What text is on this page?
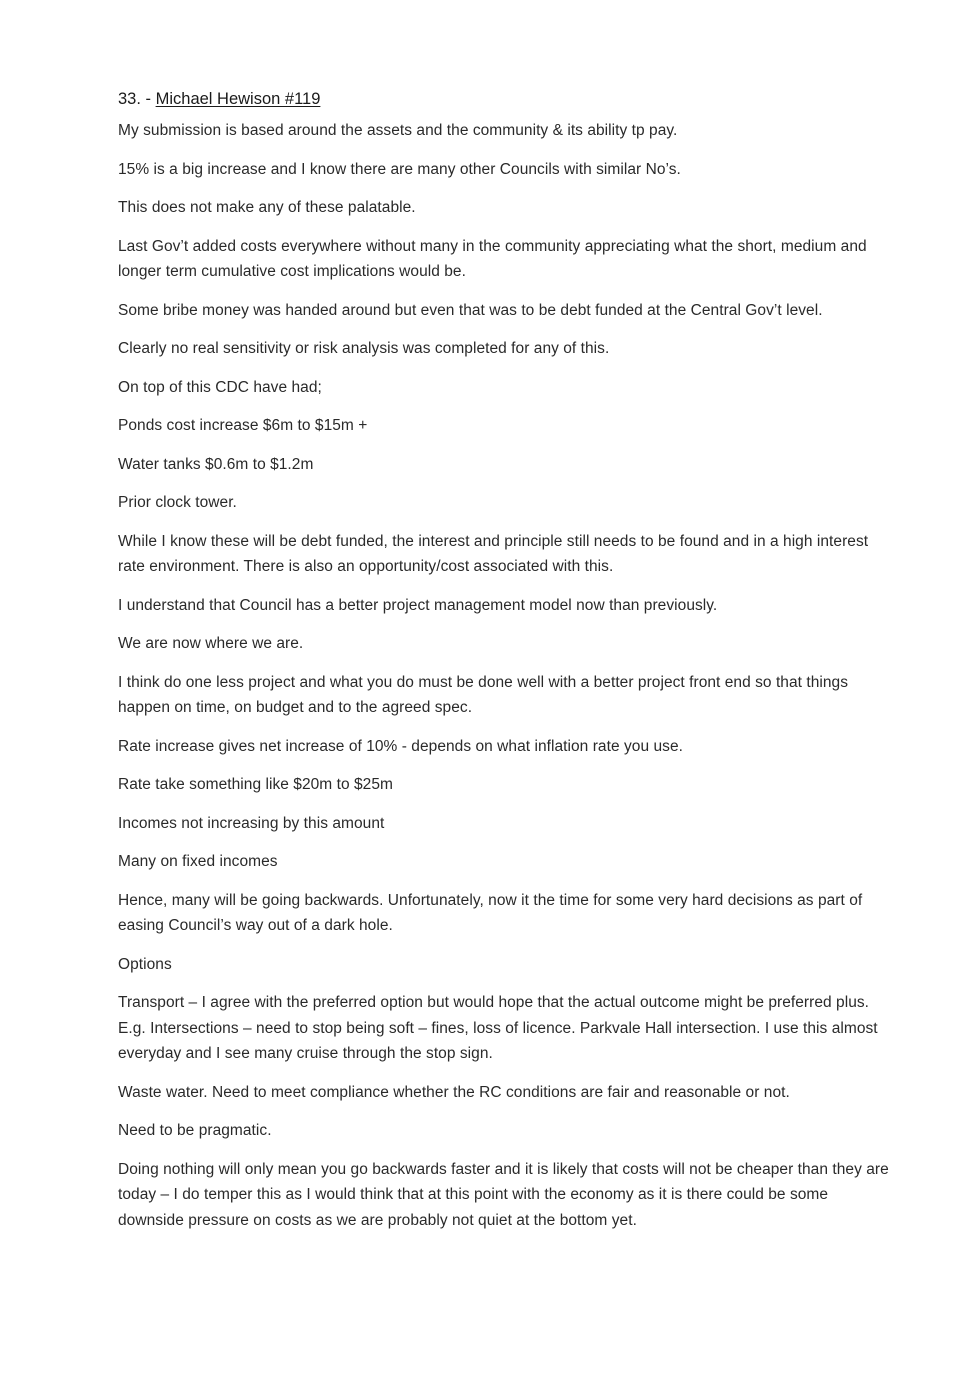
33. - Michael Hewison #119

My submission is based around the assets and the community & its ability tp pay.

15% is a big increase and I know there are many other Councils with similar No’s.

This does not make any of these palatable.

Last Gov’t added costs everywhere without many in the community appreciating what the short, medium and longer term cumulative cost implications would be.

Some bribe money was handed around but even that was to be debt funded at the Central Gov’t level.

Clearly no real sensitivity or risk analysis was completed for any of this.

On top of this CDC have had;

Ponds cost increase $6m to $15m +

Water tanks $0.6m to $1.2m

Prior clock tower.

While I know these will be debt funded, the interest and principle still needs to be found and in a high interest rate environment. There is also an opportunity/cost associated with this.

I understand that Council has a better project management model now than previously.

We are now where we are.

I think do one less project and what you do must be done well with a better project front end so that things happen on time, on budget and to the agreed spec.

Rate increase gives net increase of 10% - depends on what inflation rate you use.

Rate take something like $20m to $25m

Incomes not increasing by this amount

Many on fixed incomes

Hence, many will be going backwards. Unfortunately, now it the time for some very hard decisions as part of easing Council’s way out of a dark hole.

Options

Transport – I agree with the preferred option but would hope that the actual outcome might be preferred plus. E.g. Intersections – need to stop being soft – fines, loss of licence. Parkvale Hall intersection. I use this almost everyday and I see many cruise through the stop sign.

Waste water. Need to meet compliance whether the RC conditions are fair and reasonable or not.

Need to be pragmatic.

Doing nothing will only mean you go backwards faster and it is likely that costs will not be cheaper than they are today – I do temper this as I would think that at this point with the economy as it is there could be some downside pressure on costs as we are probably not quiet at the bottom yet.
